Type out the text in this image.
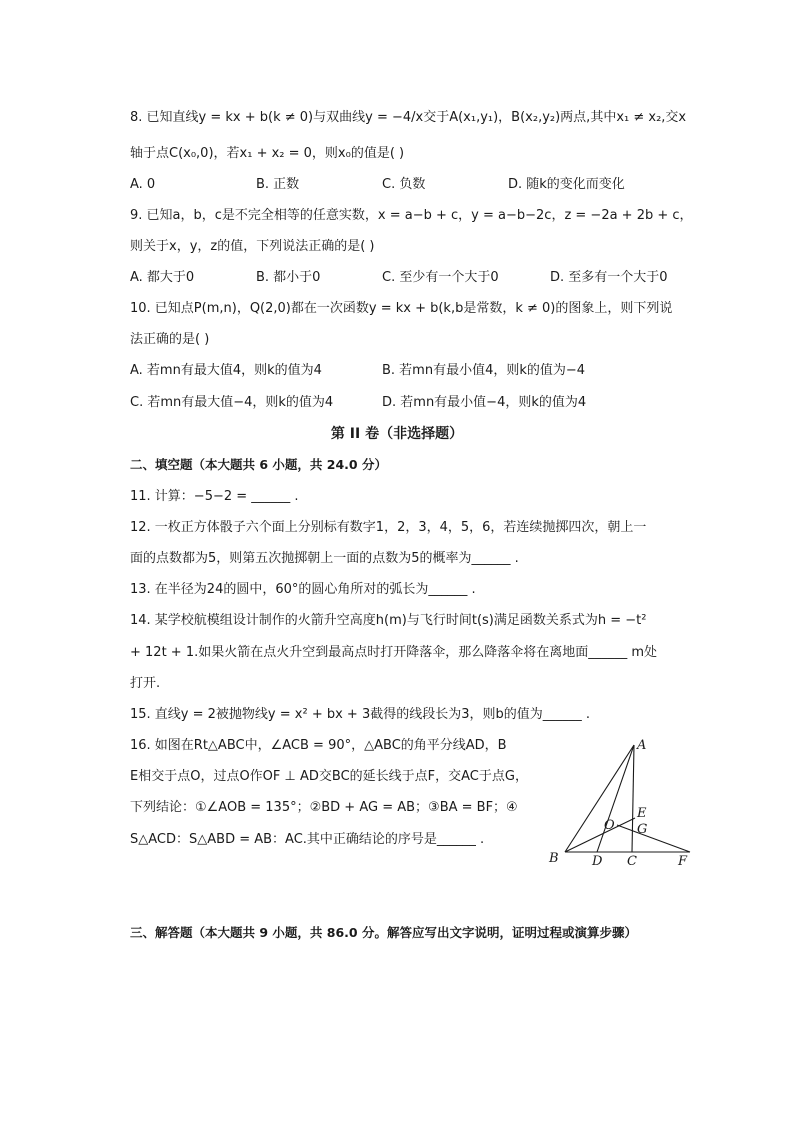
8. 已知直线y = kx + b(k ≠ 0)与双曲线y = −4/x交于A(x₁,y₁)，B(x₂,y₂)两点,其中x₁ ≠ x₂,交x
轴于点C(x₀,0)，若x₁ + x₂ = 0，则x₀的值是( )
A. 0	B. 正数	C. 负数	D. 随k的变化而变化
9. 已知a，b，c是不完全相等的任意实数，x = a−b + c，y = a−b−2c，z = −2a + 2b + c，
则关于x，y，z的值，下列说法正确的是( )
A. 都大于0	B. 都小于0	C. 至少有一个大于0	D. 至多有一个大于0
10. 已知点P(m,n)，Q(2,0)都在一次函数y = kx + b(k,b是常数，k ≠ 0)的图象上，则下列说
法正确的是( )
A. 若mn有最大值4，则k的值为4	B. 若mn有最小值4，则k的值为−4
C. 若mn有最大值−4，则k的值为4	D. 若mn有最小值−4，则k的值为4
第 II 卷（非选择题）
二、填空题（本大题共 6 小题，共 24.0 分）
11. 计算：−5−2 = ______ .
12. 一枚正方体骰子六个面上分别标有数字1，2，3，4，5，6，若连续抛掷四次，朝上一
面的点数都为5，则第五次抛掷朝上一面的点数为5的概率为______ .
13. 在半径为24的圆中，60°的圆心角所对的弧长为______ .
14. 某学校航模组设计制作的火箭升空高度h(m)与飞行时间t(s)满足函数关系式为h = −t²
+ 12t + 1.如果火箭在点火升空到最高点时打开降落伞，那么降落伞将在离地面______ m处
打开.
15. 直线y = 2被抛物线y = x² + bx + 3截得的线段长为3，则b的值为______ .
16. 如图在Rt△ABC中，∠ACB = 90°，△ABC的角平分线AD，B
E相交于点O，过点O作OF ⊥ AD交BC的延长线于点F，交AC于点G，
下列结论：①∠AOB = 135°；②BD + AG = AB；③BA = BF；④
S△ACD：S△ABD = AB：AC.其中正确结论的序号是______ .
A
E
O G
B	D C	F
三、解答题（本大题共 9 小题，共 86.0 分。解答应写出文字说明，证明过程或演算步骤）
